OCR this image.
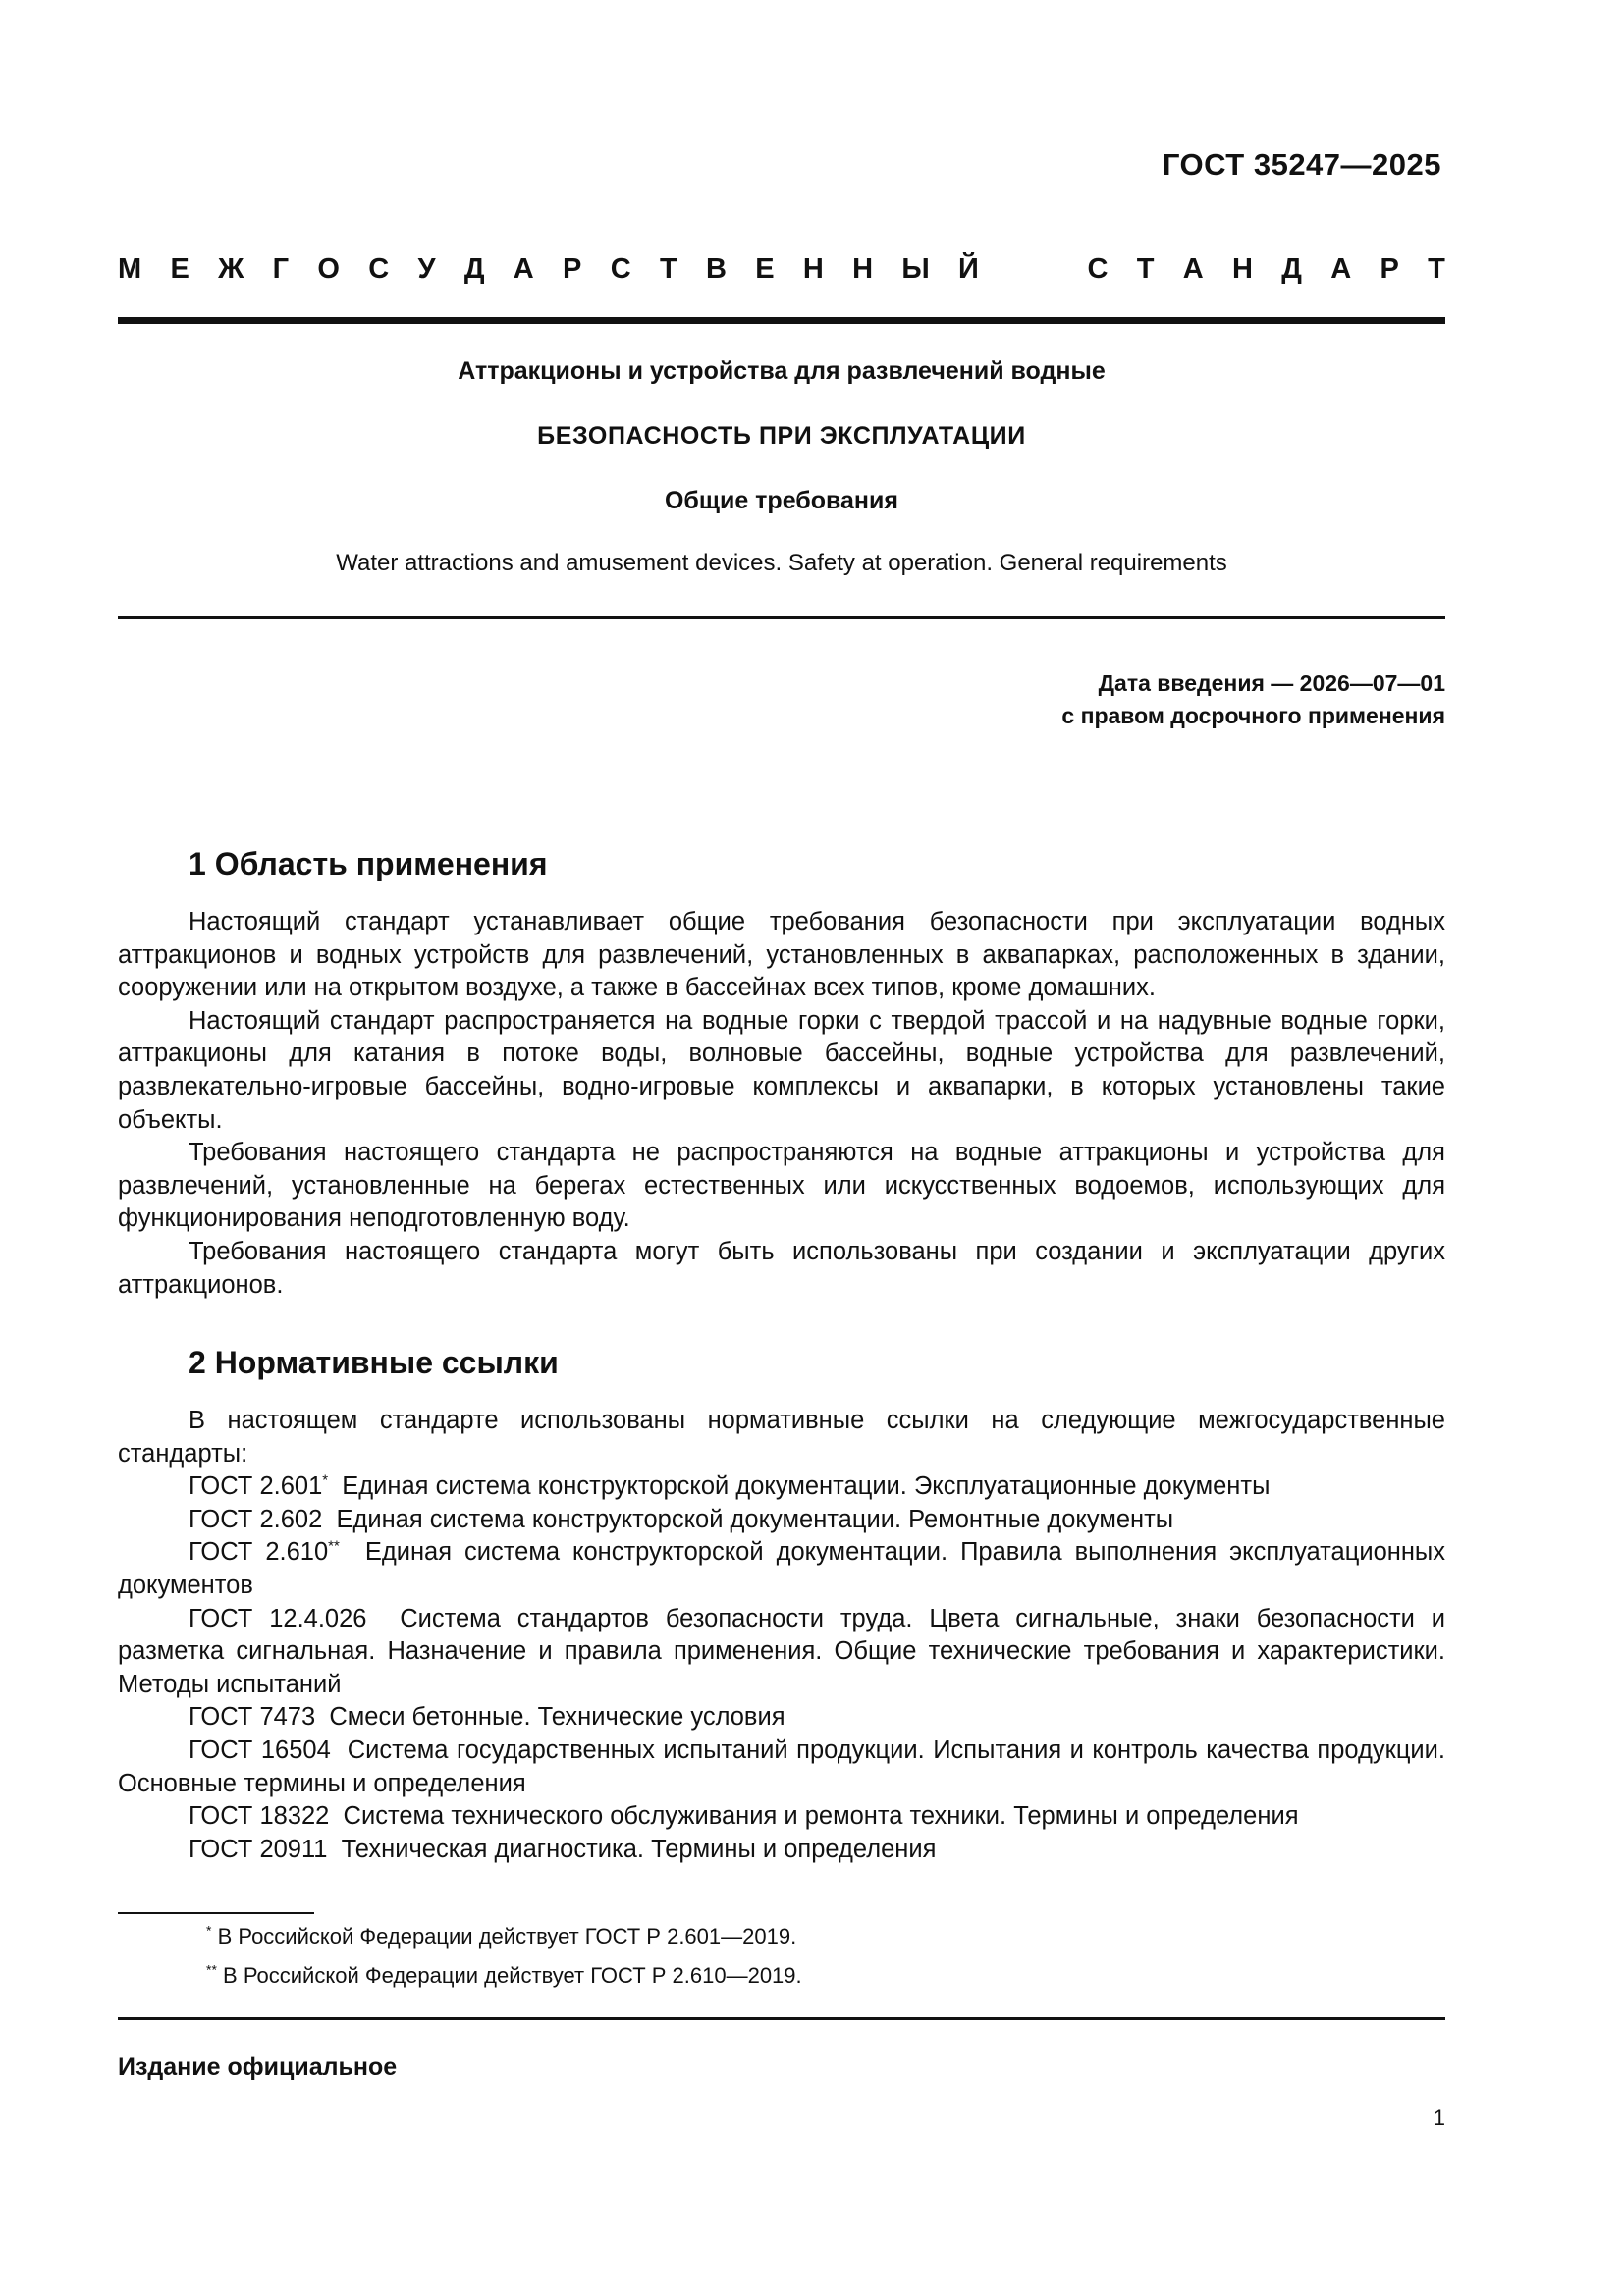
ГОСТ 35247—2025
М Е Ж Г О С У Д А Р С Т В Е Н Н Ы Й	С Т А Н Д А Р Т
Аттракционы и устройства для развлечений водные
БЕЗОПАСНОСТЬ ПРИ ЭКСПЛУАТАЦИИ
Общие требования
Water attractions and amusement devices. Safety at operation. General requirements
Дата введения — 2026—07—01
с правом досрочного применения
1 Область применения

Настоящий стандарт устанавливает общие требования безопасности при эксплуатации водных аттракционов и водных устройств для развлечений, установленных в аквапарках, расположенных в здании, сооружении или на открытом воздухе, а также в бассейнах всех типов, кроме домашних.

Настоящий стандарт распространяется на водные горки с твердой трассой и на надувные водные горки, аттракционы для катания в потоке воды, волновые бассейны, водные устройства для развлечений, развлекательно-игровые бассейны, водно-игровые комплексы и аквапарки, в которых установлены такие объекты.

Требования настоящего стандарта не распространяются на водные аттракционы и устройства для развлечений, установленные на берегах естественных или искусственных водоемов, использующих для функционирования неподготовленную воду.

Требования настоящего стандарта могут быть использованы при создании и эксплуатации других аттракционов.

2 Нормативные ссылки

В настоящем стандарте использованы нормативные ссылки на следующие межгосударственные стандарты:

ГОСТ 2.601* Единая система конструкторской документации. Эксплуатационные документы

ГОСТ 2.602 Единая система конструкторской документации. Ремонтные документы

ГОСТ 2.610** Единая система конструкторской документации. Правила выполнения эксплуатационных документов

ГОСТ 12.4.026 Система стандартов безопасности труда. Цвета сигнальные, знаки безопасности и разметка сигнальная. Назначение и правила применения. Общие технические требования и характеристики. Методы испытаний

ГОСТ 7473 Смеси бетонные. Технические условия

ГОСТ 16504 Система государственных испытаний продукции. Испытания и контроль качества продукции. Основные термины и определения

ГОСТ 18322 Система технического обслуживания и ремонта техники. Термины и определения

ГОСТ 20911 Техническая диагностика. Термины и определения

* В Российской Федерации действует ГОСТ Р 2.601—2019.
** В Российской Федерации действует ГОСТ Р 2.610—2019.
Издание официальное
1
